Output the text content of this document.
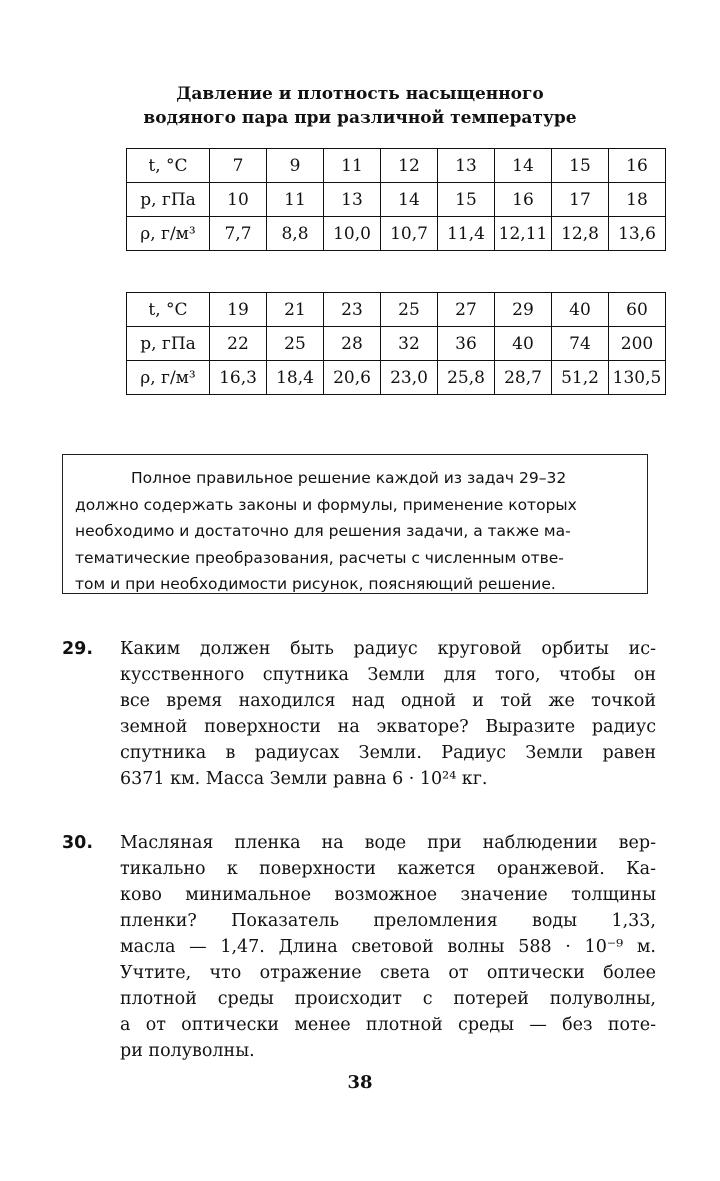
Давление и плотность насыщенного
водяного пара при различной температуре
t, °C	7	9	11	12	13	14	15	16
p, гПа	10	11	13	14	15	16	17	18
ρ, г/м³	7,7	8,8	10,0	10,7	11,4	12,11	12,8	13,6
t, °C	19	21	23	25	27	29	40	60
p, гПа	22	25	28	32	36	40	74	200
ρ, г/м³	16,3	18,4	20,6	23,0	25,8	28,7	51,2	130,5
Полное правильное решение каждой из задач 29–32
должно содержать законы и формулы, применение которых
необходимо и достаточно для решения задачи, а также ма-
тематические преобразования, расчеты с численным отве-
том и при необходимости рисунок, поясняющий решение.
29. Каким должен быть радиус круговой орбиты ис-
кусственного спутника Земли для того, чтобы он
все время находился над одной и той же точкой
земной поверхности на экваторе? Выразите радиус
спутника в радиусах Земли. Радиус Земли равен
6371 км. Масса Земли равна 6 · 10²⁴ кг.
30. Масляная пленка на воде при наблюдении вер-
тикально к поверхности кажется оранжевой. Ка-
ково минимальное возможное значение толщины
пленки? Показатель преломления воды 1,33,
масла — 1,47. Длина световой волны 588 · 10⁻⁹ м.
Учтите, что отражение света от оптически более
плотной среды происходит с потерей полуволны,
а от оптически менее плотной среды — без поте-
ри полуволны.
38
